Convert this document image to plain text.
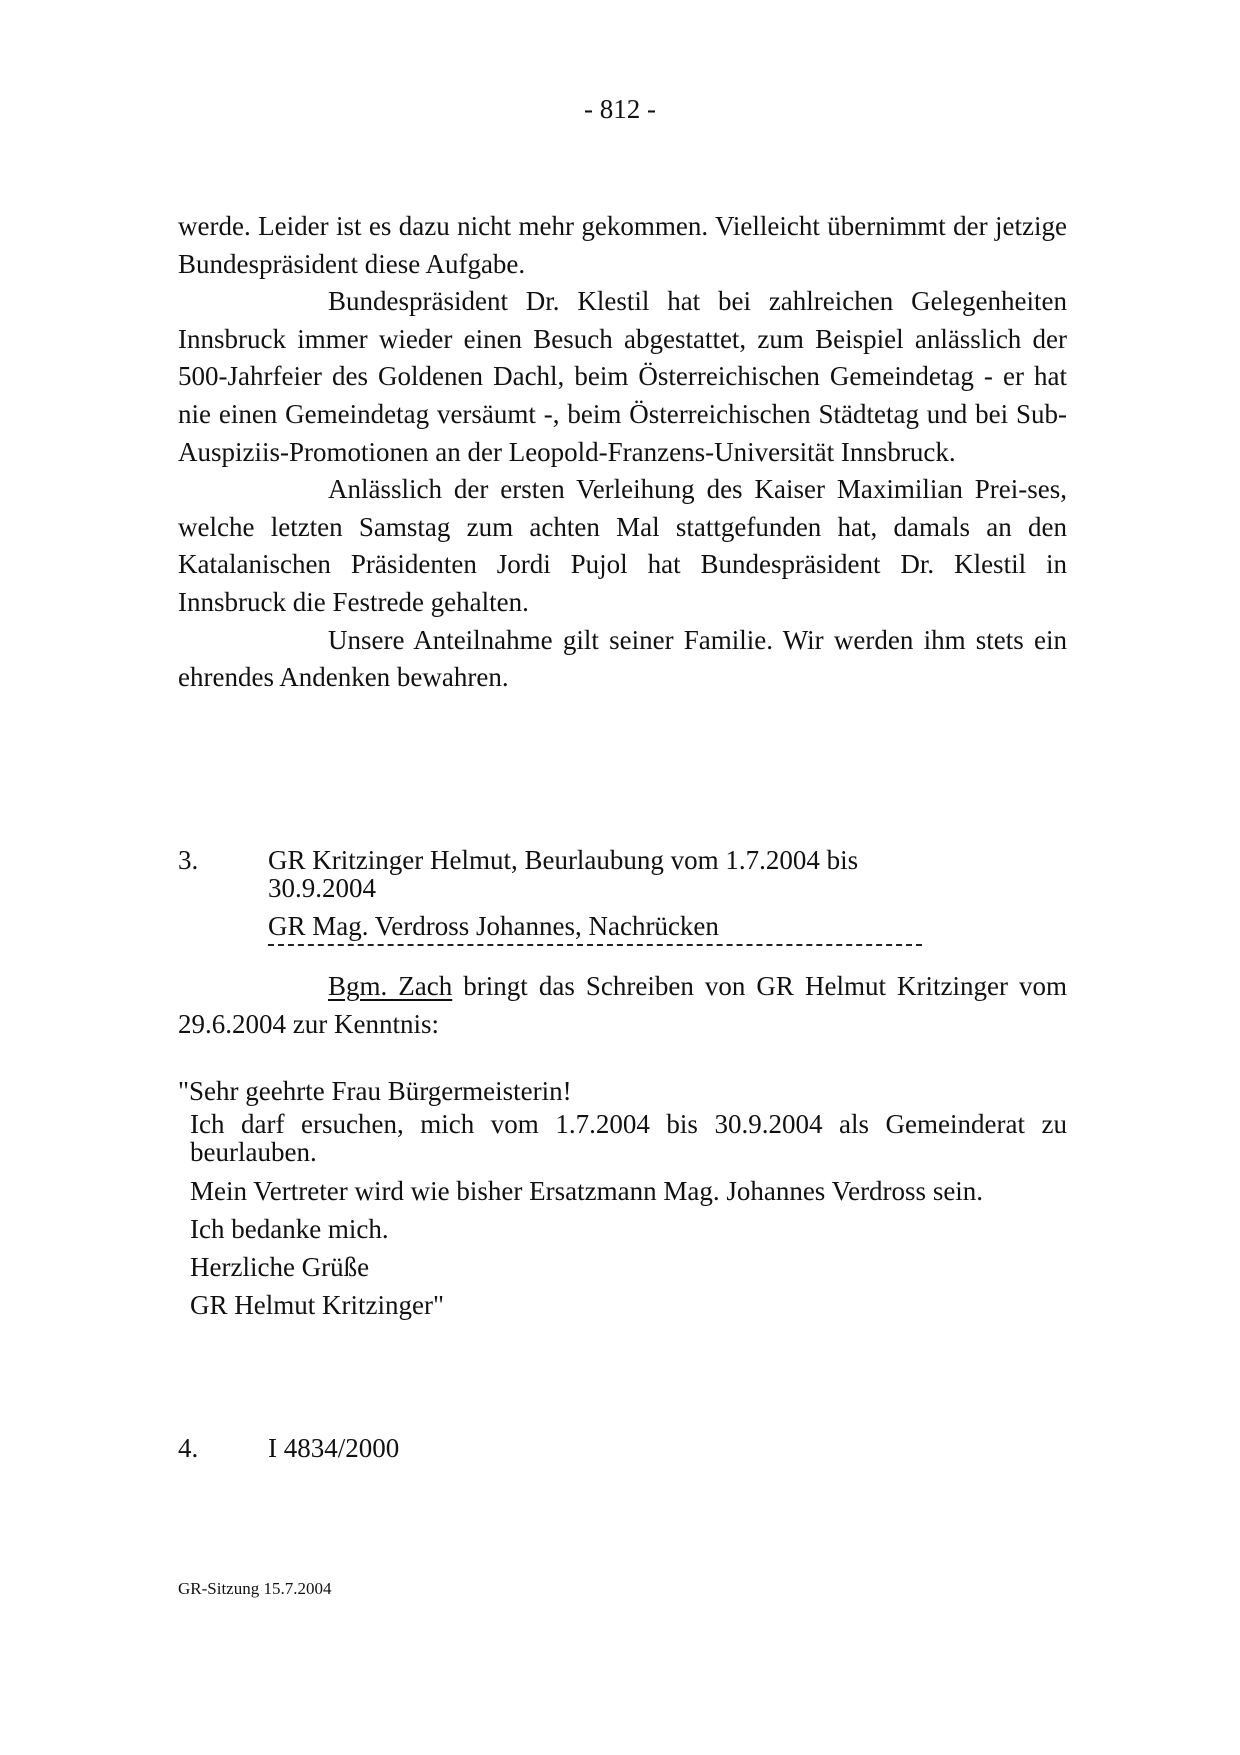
- 812 -

werde. Leider ist es dazu nicht mehr gekommen. Vielleicht übernimmt der jetzige Bundespräsident diese Aufgabe.

Bundespräsident Dr. Klestil hat bei zahlreichen Gelegenheiten Innsbruck immer wieder einen Besuch abgestattet, zum Beispiel anlässlich der 500-Jahrfeier des Goldenen Dachl, beim Österreichischen Gemeindetag - er hat nie einen Gemeindetag versäumt -, beim Österreichischen Städtetag und bei Sub-Auspiziis-Promotionen an der Leopold-Franzens-Universität Innsbruck.

Anlässlich der ersten Verleihung des Kaiser Maximilian Prei-ses, welche letzten Samstag zum achten Mal stattgefunden hat, damals an den Katalanischen Präsidenten Jordi Pujol hat Bundespräsident Dr. Klestil in Innsbruck die Festrede gehalten.

Unsere Anteilnahme gilt seiner Familie. Wir werden ihm stets ein ehrendes Andenken bewahren.

3.	GR Kritzinger Helmut, Beurlaubung vom 1.7.2004 bis 30.9.2004
GR Mag. Verdross Johannes, Nachrücken

Bgm. Zach bringt das Schreiben von GR Helmut Kritzinger vom 29.6.2004 zur Kenntnis:

"Sehr geehrte Frau Bürgermeisterin!

Ich darf ersuchen, mich vom 1.7.2004 bis 30.9.2004 als Gemeinderat zu beurlauben.

Mein Vertreter wird wie bisher Ersatzmann Mag. Johannes Verdross sein.

Ich bedanke mich.

Herzliche Grüße

GR Helmut Kritzinger"

4.	I 4834/2000
GR-Sitzung 15.7.2004
